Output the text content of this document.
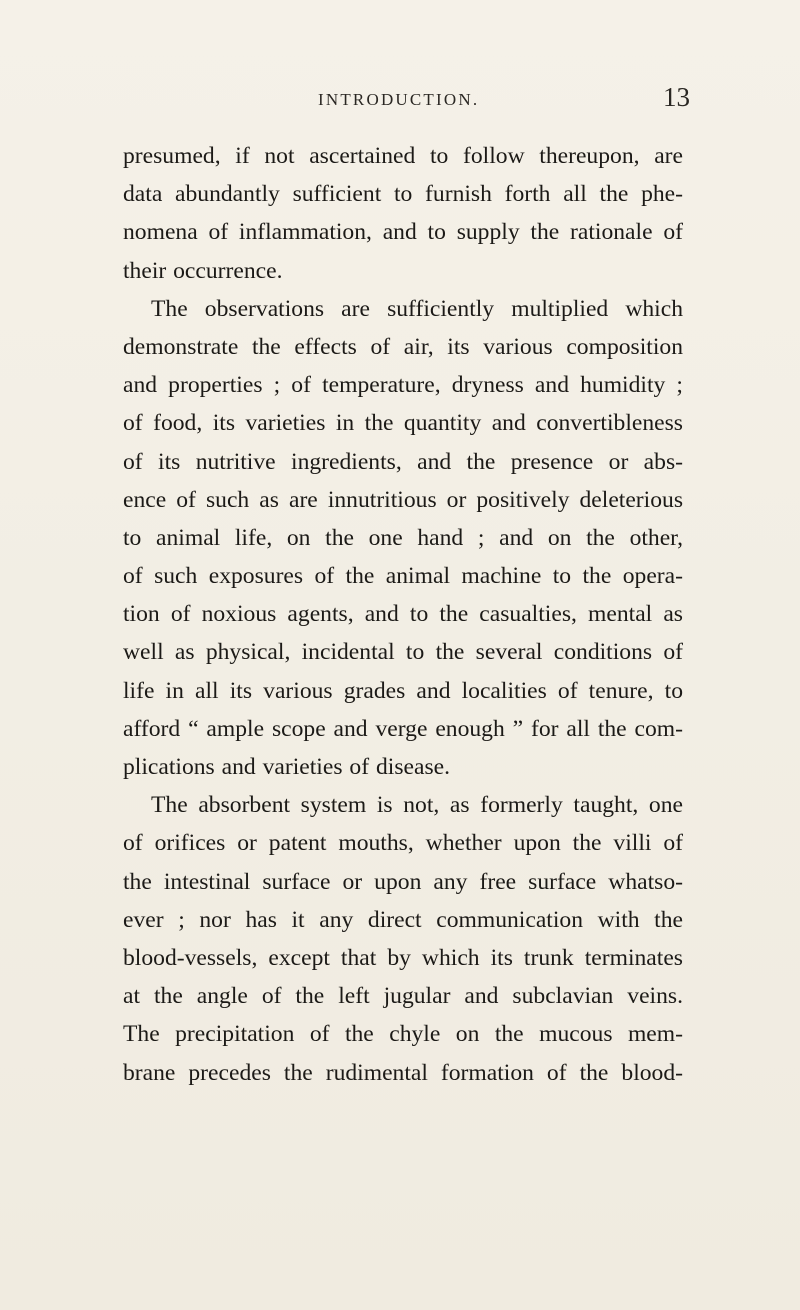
INTRODUCTION.	13
presumed, if not ascertained to follow thereupon, are
data abundantly sufficient to furnish forth all the phe-
nomena of inflammation, and to supply the rationale of
their occurrence.
The observations are sufficiently multiplied which
demonstrate the effects of air, its various composition
and properties ; of temperature, dryness and humidity ;
of food, its varieties in the quantity and convertibleness
of its nutritive ingredients, and the presence or abs-
ence of such as are innutritious or positively deleterious
to animal life, on the one hand ; and on the other,
of such exposures of the animal machine to the opera-
tion of noxious agents, and to the casualties, mental as
well as physical, incidental to the several conditions of
life in all its various grades and localities of tenure, to
afford “ ample scope and verge enough ” for all the com-
plications and varieties of disease.
The absorbent system is not, as formerly taught, one
of orifices or patent mouths, whether upon the villi of
the intestinal surface or upon any free surface whatso-
ever ; nor has it any direct communication with the
blood-vessels, except that by which its trunk terminates
at the angle of the left jugular and subclavian veins.
The precipitation of the chyle on the mucous mem-
brane precedes the rudimental formation of the blood-
